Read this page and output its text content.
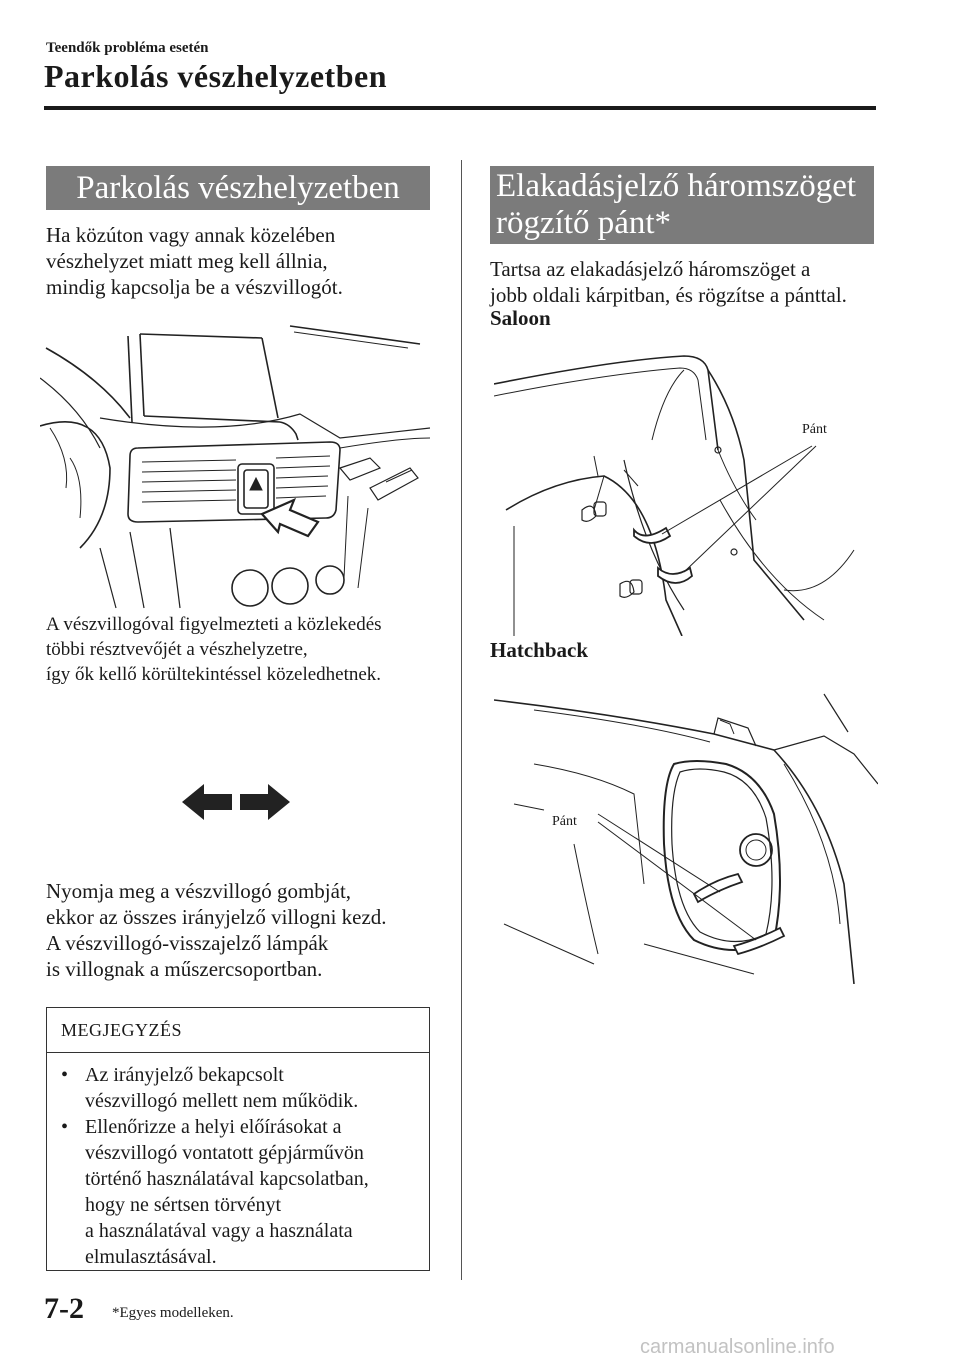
Teendők probléma esetén
Parkolás vészhelyzetben
Parkolás vészhelyzetben
Ha közúton vagy annak közelében
vészhelyzet miatt meg kell állnia,
mindig kapcsolja be a vészvillogót.
A vészvillogóval figyelmezteti a közlekedés
többi résztvevőjét a vészhelyzetre,
így ők kellő körültekintéssel közeledhetnek.
Nyomja meg a vészvillogó gombját,
ekkor az összes irányjelző villogni kezd.
A vészvillogó-visszajelző lámpák
is villognak a műszercsoportban.
MEGJEGYZÉS
• Az irányjelző bekapcsolt
vészvillogó mellett nem működik.
• Ellenőrizze a helyi előírásokat a
vészvillogó vontatott gépjárművön
történő használatával kapcsolatban,
hogy ne sértsen törvényt
a használatával vagy a használata
elmulasztásával.
Elakadásjelző háromszöget
rögzítő pánt*
Tartsa az elakadásjelző háromszöget a
jobb oldali kárpitban, és rögzítse a pánttal.
Saloon
Pánt
Hatchback
Pánt
7-2 *Egyes modelleken.
carmanualsonline.info
